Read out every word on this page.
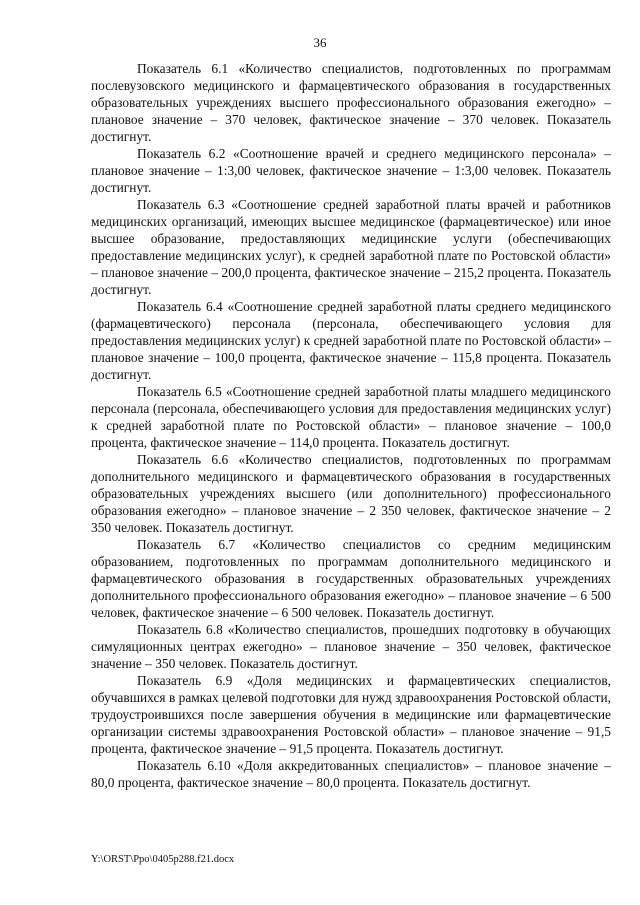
36

Показатель 6.1 «Количество специалистов, подготовленных по программам послевузовского медицинского и фармацевтического образования в государственных образовательных учреждениях высшего профессионального образования ежегодно» – плановое значение – 370 человек, фактическое значение – 370 человек. Показатель достигнут.

Показатель 6.2 «Соотношение врачей и среднего медицинского персонала» – плановое значение – 1:3,00 человек, фактическое значение – 1:3,00 человек. Показатель достигнут.

Показатель 6.3 «Соотношение средней заработной платы врачей и работников медицинских организаций, имеющих высшее медицинское (фармацевтическое) или иное высшее образование, предоставляющих медицинские услуги (обеспечивающих предоставление медицинских услуг), к средней заработной плате по Ростовской области» – плановое значение – 200,0 процента, фактическое значение – 215,2 процента. Показатель достигнут.

Показатель 6.4 «Соотношение средней заработной платы среднего медицинского (фармацевтического) персонала (персонала, обеспечивающего условия для предоставления медицинских услуг) к средней заработной плате по Ростовской области» – плановое значение – 100,0 процента, фактическое значение – 115,8 процента. Показатель достигнут.

Показатель 6.5 «Соотношение средней заработной платы младшего медицинского персонала (персонала, обеспечивающего условия для предоставления медицинских услуг) к средней заработной плате по Ростовской области» – плановое значение – 100,0 процента, фактическое значение – 114,0 процента. Показатель достигнут.

Показатель 6.6 «Количество специалистов, подготовленных по программам дополнительного медицинского и фармацевтического образования в государственных образовательных учреждениях высшего (или дополнительного) профессионального образования ежегодно» – плановое значение – 2 350 человек, фактическое значение – 2 350 человек. Показатель достигнут.

Показатель 6.7 «Количество специалистов со средним медицинским образованием, подготовленных по программам дополнительного медицинского и фармацевтического образования в государственных образовательных учреждениях дополнительного профессионального образования ежегодно» – плановое значение – 6 500 человек, фактическое значение – 6 500 человек. Показатель достигнут.

Показатель 6.8 «Количество специалистов, прошедших подготовку в обучающих симуляционных центрах ежегодно» – плановое значение – 350 человек, фактическое значение – 350 человек. Показатель достигнут.

Показатель 6.9 «Доля медицинских и фармацевтических специалистов, обучавшихся в рамках целевой подготовки для нужд здравоохранения Ростовской области, трудоустроившихся после завершения обучения в медицинские или фармацевтические организации системы здравоохранения Ростовской области» – плановое значение – 91,5 процента, фактическое значение – 91,5 процента. Показатель достигнут.

Показатель 6.10 «Доля аккредитованных специалистов» – плановое значение – 80,0 процента, фактическое значение – 80,0 процента. Показатель достигнут.

Y:\ORST\Ppo\0405p288.f21.docx
